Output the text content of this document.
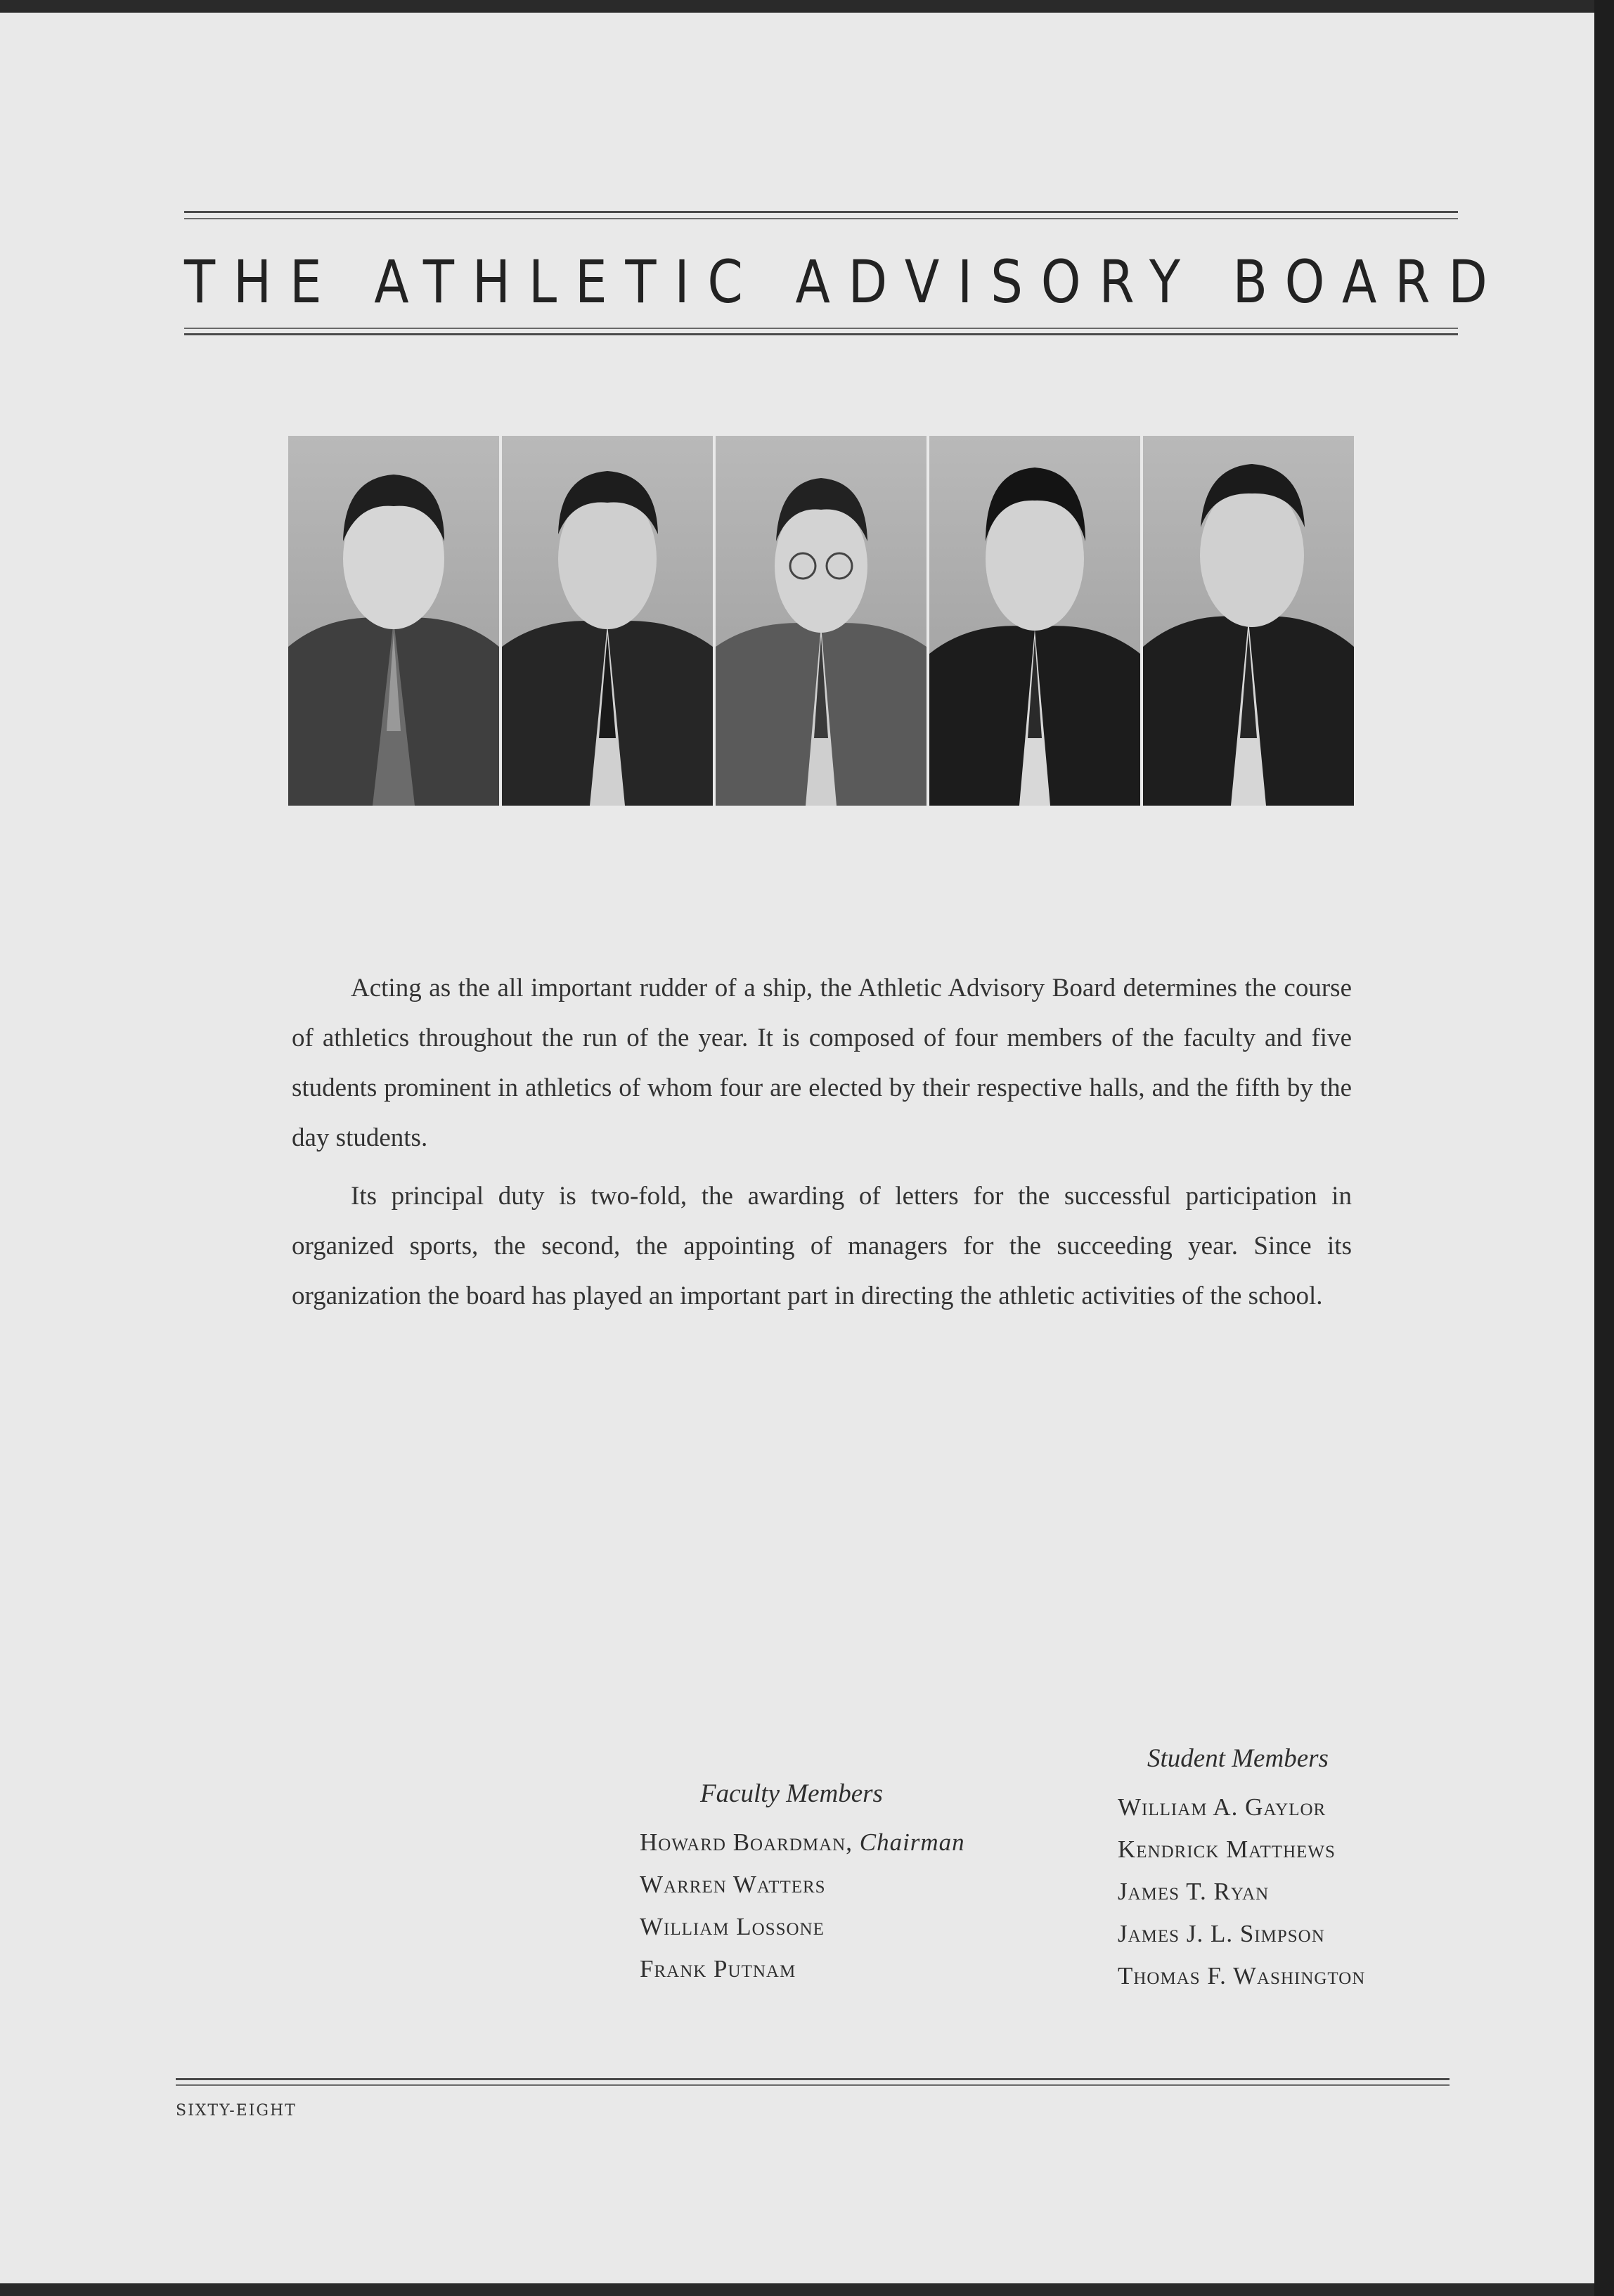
THE ATHLETIC ADVISORY BOARD

Acting as the all important rudder of a ship, the Athletic Advisory Board determines the course of athletics throughout the run of the year. It is composed of four members of the faculty and five students prominent in athletics of whom four are elected by their respective halls, and the fifth by the day students.

Its principal duty is two-fold, the awarding of letters for the successful participation in organized sports, the second, the appointing of managers for the succeeding year. Since its organization the board has played an important part in directing the athletic activities of the school.

Faculty Members
Howard Boardman, Chairman
Warren Watters
William Lossone
Frank Putnam
Student Members
William A. Gaylor
Kendrick Matthews
James T. Ryan
James J. L. Simpson
Thomas F. Washington
SIXTY-EIGHT
